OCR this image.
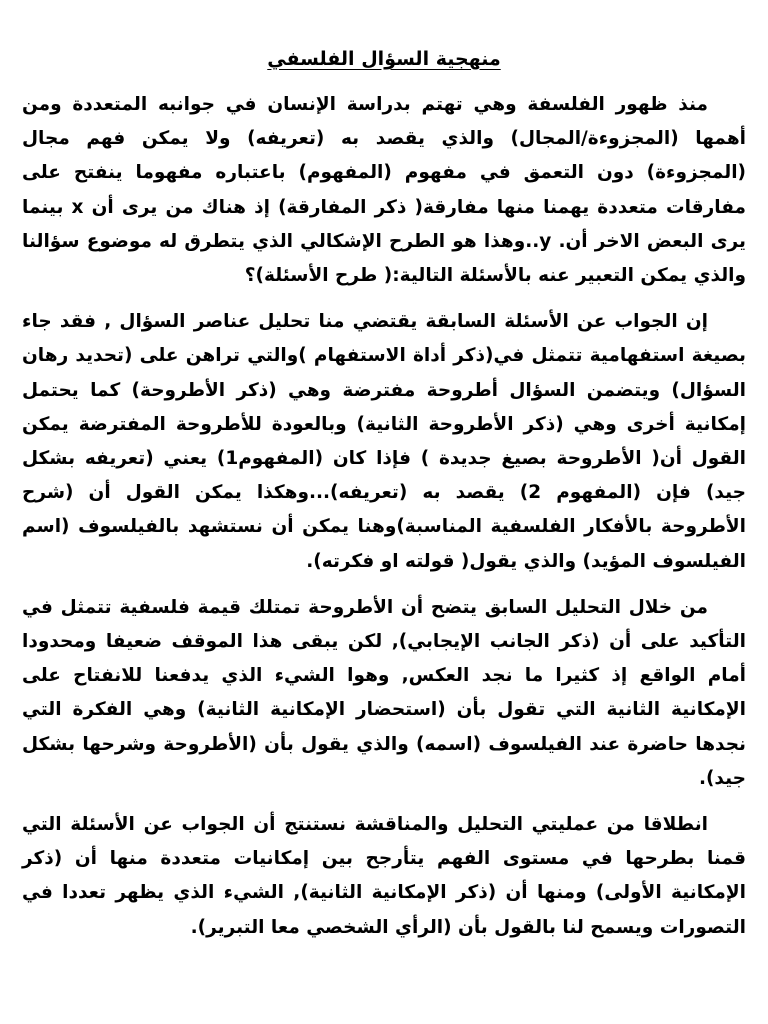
منهجية السؤال الفلسفي

منذ ظهور الفلسفة وهي تهتم بدراسة الإنسان في جوانبه المتعددة ومن أهمها (المجزوءة/المجال) والذي يقصد به (تعريفه) ولا يمكن فهم مجال (المجزوءة) دون التعمق في مفهوم (المفهوم) باعتباره مفهوما ينفتح على مفارقات متعددة يهمنا منها مفارقة( ذكر المفارقة) إذ هناك من يرى أن x بينما يرى البعض الاخر أن. y..وهذا هو الطرح الإشكالي الذي يتطرق له موضوع سؤالنا والذي يمكن التعبير عنه بالأسئلة التالية:( طرح الأسئلة)؟

إن الجواب عن الأسئلة السابقة يقتضي منا تحليل عناصر السؤال , فقد جاء بصيغة استفهامية تتمثل في(ذكر أداة الاستفهام )والتي تراهن على (تحديد رهان السؤال) ويتضمن السؤال أطروحة مفترضة وهي (ذكر الأطروحة) كما يحتمل إمكانية أخرى وهي (ذكر الأطروحة الثانية) وبالعودة للأطروحة المفترضة يمكن القول أن( الأطروحة بصيغ جديدة ) فإذا كان (المفهوم1) يعني (تعريفه بشكل جيد) فإن (المفهوم 2) يقصد به (تعريفه)...وهكذا يمكن القول أن (شرح الأطروحة بالأفكار الفلسفية المناسبة)وهنا يمكن أن نستشهد بالفيلسوف (اسم الفيلسوف المؤيد) والذي يقول( قولته او فكرته).

من خلال التحليل السابق يتضح أن الأطروحة تمتلك قيمة فلسفية تتمثل في التأكيد على أن (ذكر الجانب الإيجابي), لكن يبقى هذا الموقف ضعيفا ومحدودا أمام الواقع إذ كثيرا ما نجد العكس, وهوا الشيء الذي يدفعنا للانفتاح على الإمكانية الثانية التي تقول بأن (استحضار الإمكانية الثانية) وهي الفكرة التي نجدها حاضرة عند الفيلسوف (اسمه) والذي يقول بأن (الأطروحة وشرحها بشكل جيد).

انطلاقا من عمليتي التحليل والمناقشة نستنتج أن الجواب عن الأسئلة التي قمنا بطرحها في مستوى الفهم يتأرجح بين إمكانيات متعددة منها أن (ذكر الإمكانية الأولى) ومنها أن (ذكر الإمكانية الثانية), الشيء الذي يظهر تعددا في التصورات ويسمح لنا بالقول بأن (الرأي الشخصي معا التبرير).
